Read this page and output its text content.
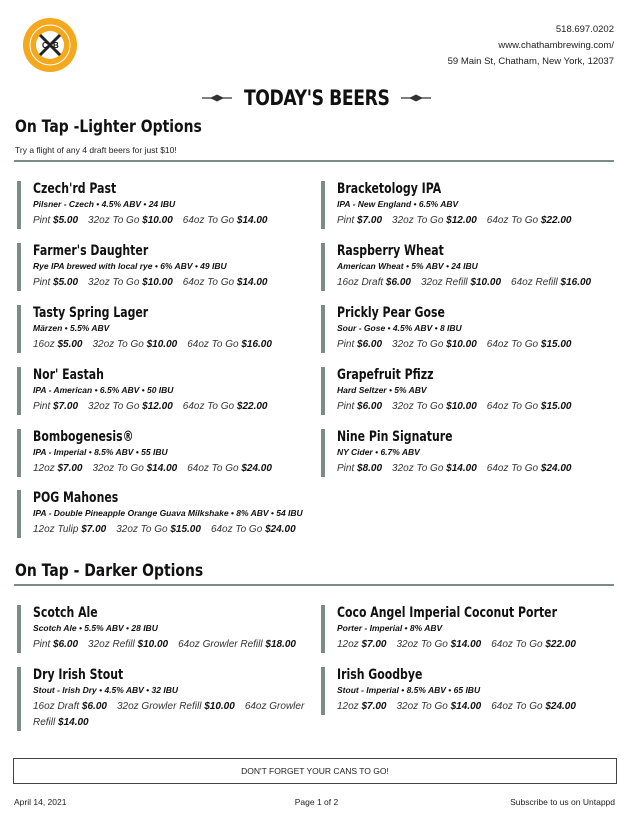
C B
518.697.0202
www.chathambrewing.com/
59 Main St, Chatham, New York, 12037
TODAY'S BEERS
On Tap -Lighter Options
Try a flight of any 4 draft beers for just $10!
Czech'rd Past
Pilsner - Czech • 4.5% ABV • 24 IBU
Pint $5.00 32oz To Go $10.00 64oz To Go $14.00
Bracketology IPA
IPA - New England • 6.5% ABV
Pint $7.00 32oz To Go $12.00 64oz To Go $22.00
Farmer's Daughter
Rye IPA brewed with local rye • 6% ABV • 49 IBU
Pint $5.00 32oz To Go $10.00 64oz To Go $14.00
Raspberry Wheat
American Wheat • 5% ABV • 24 IBU
16oz Draft $6.00 32oz Refill $10.00 64oz Refill $16.00
Tasty Spring Lager
Märzen • 5.5% ABV
16oz $5.00 32oz To Go $10.00 64oz To Go $16.00
Prickly Pear Gose
Sour - Gose • 4.5% ABV • 8 IBU
Pint $6.00 32oz To Go $10.00 64oz To Go $15.00
Nor' Eastah
IPA - American • 6.5% ABV • 50 IBU
Pint $7.00 32oz To Go $12.00 64oz To Go $22.00
Grapefruit Pfizz
Hard Seltzer • 5% ABV
Pint $6.00 32oz To Go $10.00 64oz To Go $15.00
Bombogenesis®
IPA - Imperial • 8.5% ABV • 55 IBU
12oz $7.00 32oz To Go $14.00 64oz To Go $24.00
Nine Pin Signature
NY Cider • 6.7% ABV
Pint $8.00 32oz To Go $14.00 64oz To Go $24.00
POG Mahones
IPA - Double Pineapple Orange Guava Milkshake • 8% ABV • 54 IBU
12oz Tulip $7.00 32oz To Go $15.00 64oz To Go $24.00
On Tap - Darker Options
Scotch Ale
Scotch Ale • 5.5% ABV • 28 IBU
Pint $6.00 32oz Refill $10.00 64oz Growler Refill $18.00
Coco Angel Imperial Coconut Porter
Porter - Imperial • 8% ABV
12oz $7.00 32oz To Go $14.00 64oz To Go $22.00
Dry Irish Stout
Stout - Irish Dry • 4.5% ABV • 32 IBU
16oz Draft $6.00 32oz Growler Refill $10.00 64oz Growler Refill $14.00
Irish Goodbye
Stout - Imperial • 8.5% ABV • 65 IBU
12oz $7.00 32oz To Go $14.00 64oz To Go $24.00
DON'T FORGET YOUR CANS TO GO!
April 14, 2021	Page 1 of 2	Subscribe to us on Untappd
